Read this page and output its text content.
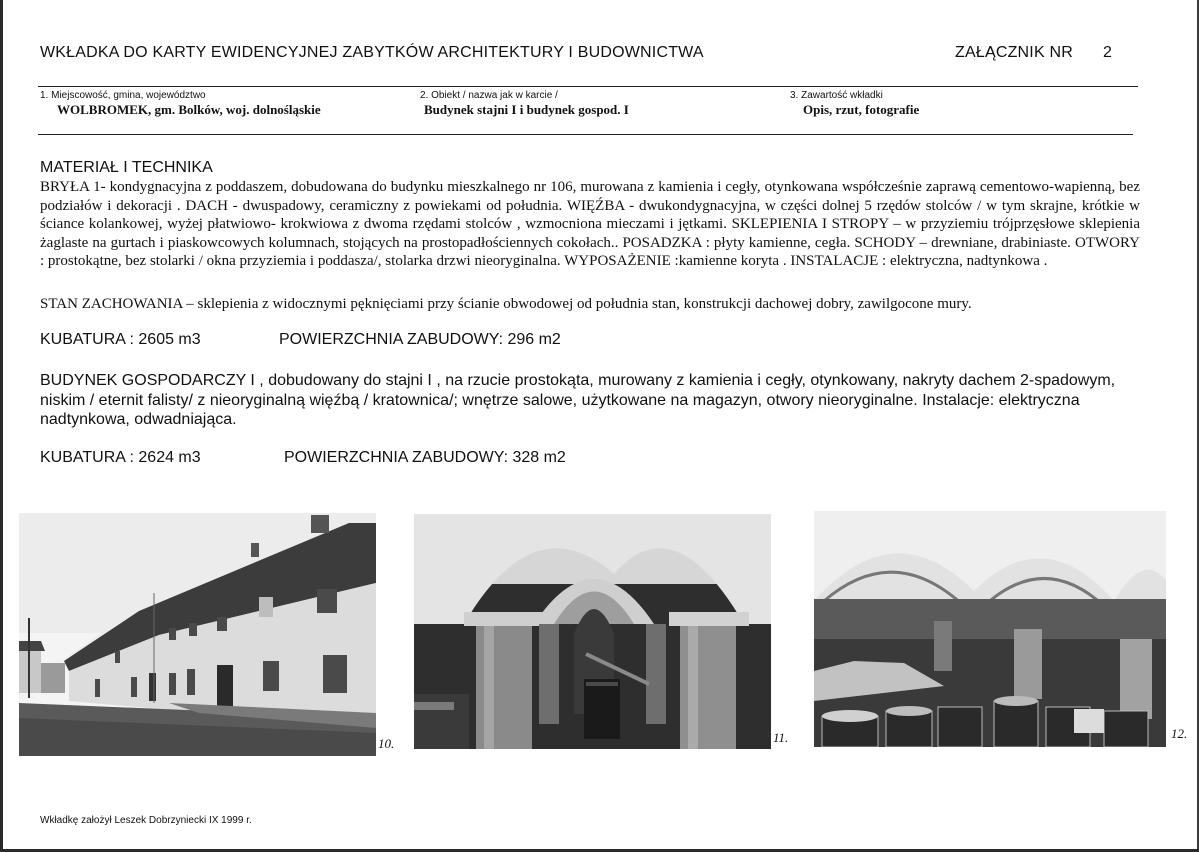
WKŁADKA DO KARTY EWIDENCYJNEJ ZABYTKÓW ARCHITEKTURY I BUDOWNICTWA	ZAŁĄCZNIK NR 2
1. Miejscowość, gmina, województwo
WOLBROMEK, gm. Bolków, woj. dolnośląskie
2. Obiekt / nazwa jak w karcie /
Budynek stajni I i budynek gospod. I
3. Zawartość wkładki
Opis, rzut, fotografie
MATERIAŁ I TECHNIKA
BRYŁA 1- kondygnacyjna z poddaszem, dobudowana do budynku mieszkalnego nr 106, murowana z kamienia i cegły, otynkowana współcześnie zaprawą cementowo-wapienną, bez podziałów i dekoracji . DACH - dwuspadowy, ceramiczny z powiekami od południa. WIĘŹBA - dwukondygnacyjna, w części dolnej 5 rzędów stolców / w tym skrajne, krótkie w ściance kolankowej, wyżej płatwiowo- krokwiowa z dwoma rzędami stolców , wzmocniona mieczami i jętkami. SKLEPIENIA I STROPY – w przyziemiu trójprzęsłowe sklepienia żaglaste na gurtach i piaskowcowych kolumnach, stojących na prostopadłościennych cokołach.. POSADZKA : płyty kamienne, cegła. SCHODY – drewniane, drabiniaste. OTWORY : prostokątne, bez stolarki / okna przyziemia i poddasza/, stolarka drzwi nieoryginalna. WYPOSAŻENIE :kamienne koryta . INSTALACJE : elektryczna, nadtynkowa .
STAN ZACHOWANIA – sklepienia z widocznymi pęknięciami przy ścianie obwodowej od południa stan, konstrukcji dachowej dobry, zawilgocone mury.
KUBATURA : 2605 m3	POWIERZCHNIA ZABUDOWY: 296 m2
BUDYNEK GOSPODARCZY I , dobudowany do stajni I , na rzucie prostokąta, murowany z kamienia i cegły, otynkowany, nakryty dachem 2-spadowym, niskim / eternit falisty/ z nieoryginalną więźbą / kratownica/; wnętrze salowe, użytkowane na magazyn, otwory nieoryginalne. Instalacje: elektryczna nadtynkowa, odwadniająca.
KUBATURA : 2624 m3	POWIERZCHNIA ZABUDOWY: 328 m2
10.	11.	12.
Wkładkę założył Leszek Dobrzyniecki IX 1999 r.
